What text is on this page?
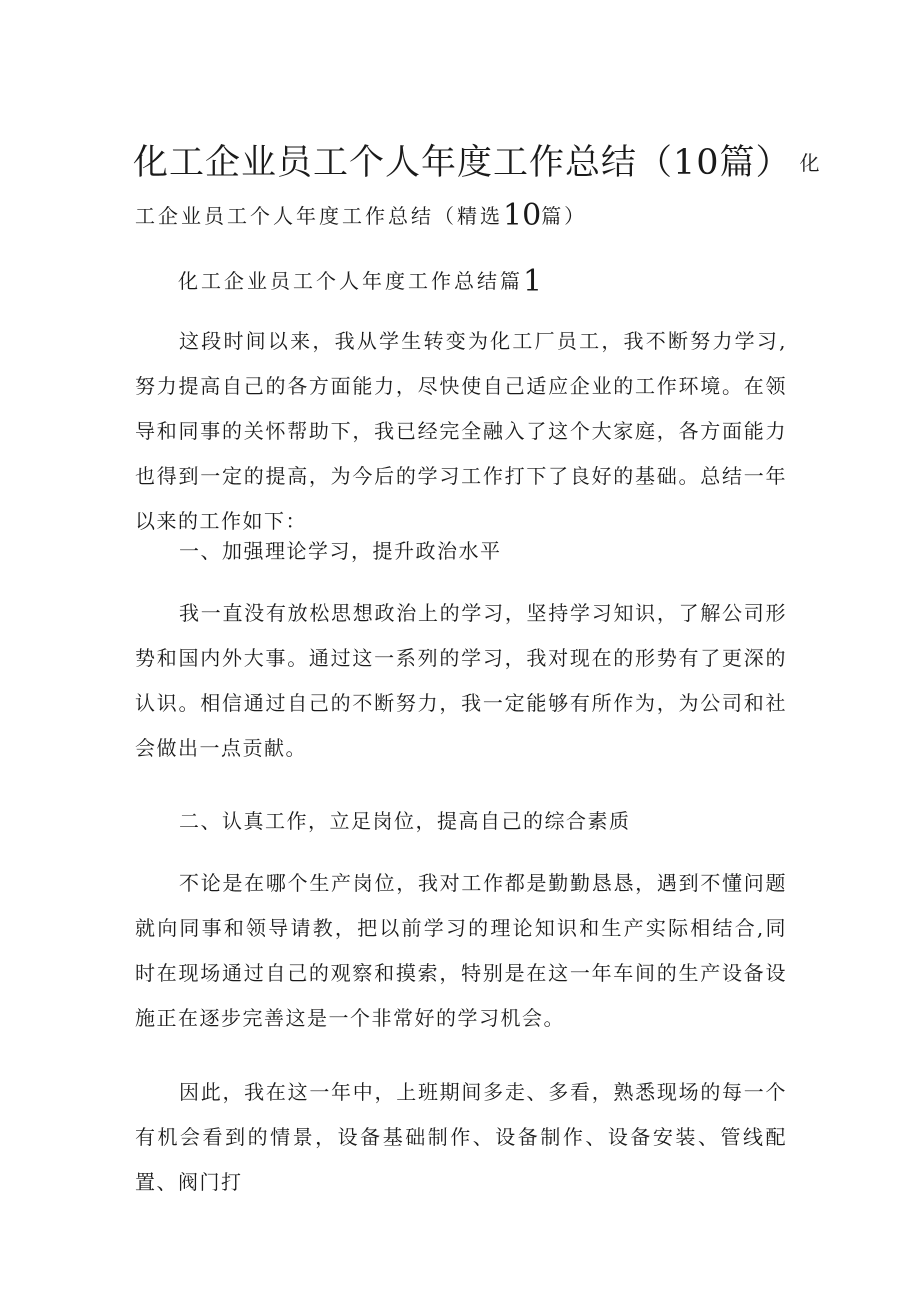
化工企业员工个人年度工作总结（10篇） 化
工企业员工个人年度工作总结（精选10篇）
化工企业员工个人年度工作总结篇1

这段时间以来，我从学生转变为化工厂员工，我不断努力学习,努力提高自己的各方面能力，尽快使自己适应企业的工作环境。在领导和同事的关怀帮助下，我已经完全融入了这个大家庭，各方面能力也得到一定的提高，为今后的学习工作打下了良好的基础。总结一年以来的工作如下：

一、加强理论学习，提升政治水平

我一直没有放松思想政治上的学习，坚持学习知识，了解公司形势和国内外大事。通过这一系列的学习，我对现在的形势有了更深的认识。相信通过自己的不断努力，我一定能够有所作为，为公司和社会做出一点贡献。

二、认真工作，立足岗位，提高自己的综合素质

不论是在哪个生产岗位，我对工作都是勤勤恳恳，遇到不懂问题就向同事和领导请教，把以前学习的理论知识和生产实际相结合,同时在现场通过自己的观察和摸索，特别是在这一年车间的生产设备设施正在逐步完善这是一个非常好的学习机会。

因此，我在这一年中，上班期间多走、多看，熟悉现场的每一个有机会看到的情景，设备基础制作、设备制作、设备安装、管线配置、阀门打
